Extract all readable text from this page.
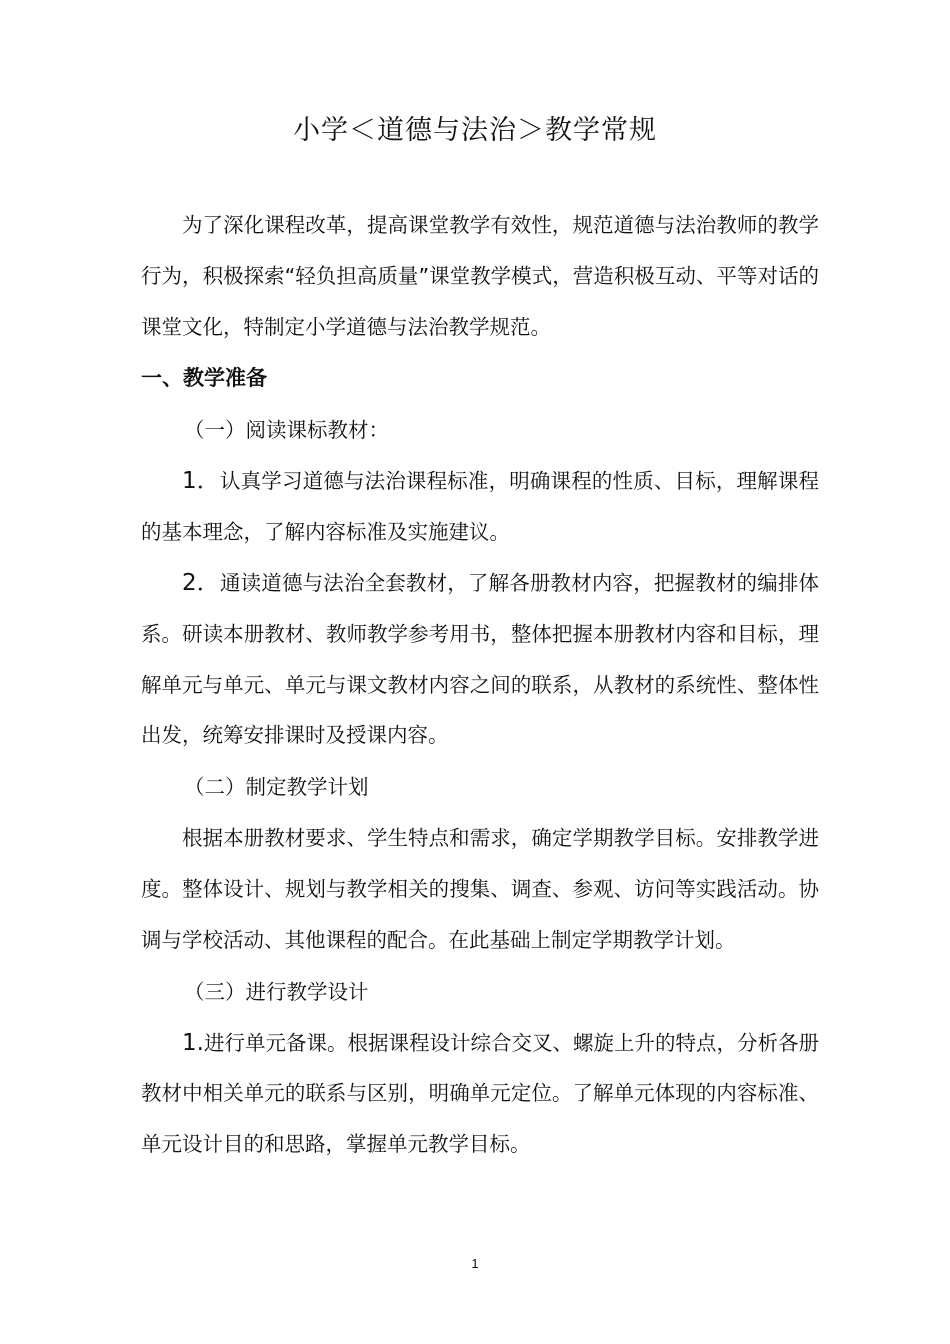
小学＜道德与法治＞教学常规

为了深化课程改革，提高课堂教学有效性，规范道德与法治教师的教学行为，积极探索“轻负担高质量”课堂教学模式，营造积极互动、平等对话的课堂文化，特制定小学道德与法治教学规范。

一、教学准备

（一）阅读课标教材：

1．认真学习道德与法治课程标准，明确课程的性质、目标，理解课程的基本理念，了解内容标准及实施建议。

2．通读道德与法治全套教材，了解各册教材内容，把握教材的编排体系。研读本册教材、教师教学参考用书，整体把握本册教材内容和目标，理解单元与单元、单元与课文教材内容之间的联系，从教材的系统性、整体性出发，统筹安排课时及授课内容。

（二）制定教学计划

根据本册教材要求、学生特点和需求，确定学期教学目标。安排教学进度。整体设计、规划与教学相关的搜集、调查、参观、访问等实践活动。协调与学校活动、其他课程的配合。在此基础上制定学期教学计划。

（三）进行教学设计

1.进行单元备课。根据课程设计综合交叉、螺旋上升的特点，分析各册教材中相关单元的联系与区别，明确单元定位。了解单元体现的内容标准、单元设计目的和思路，掌握单元教学目标。

1
